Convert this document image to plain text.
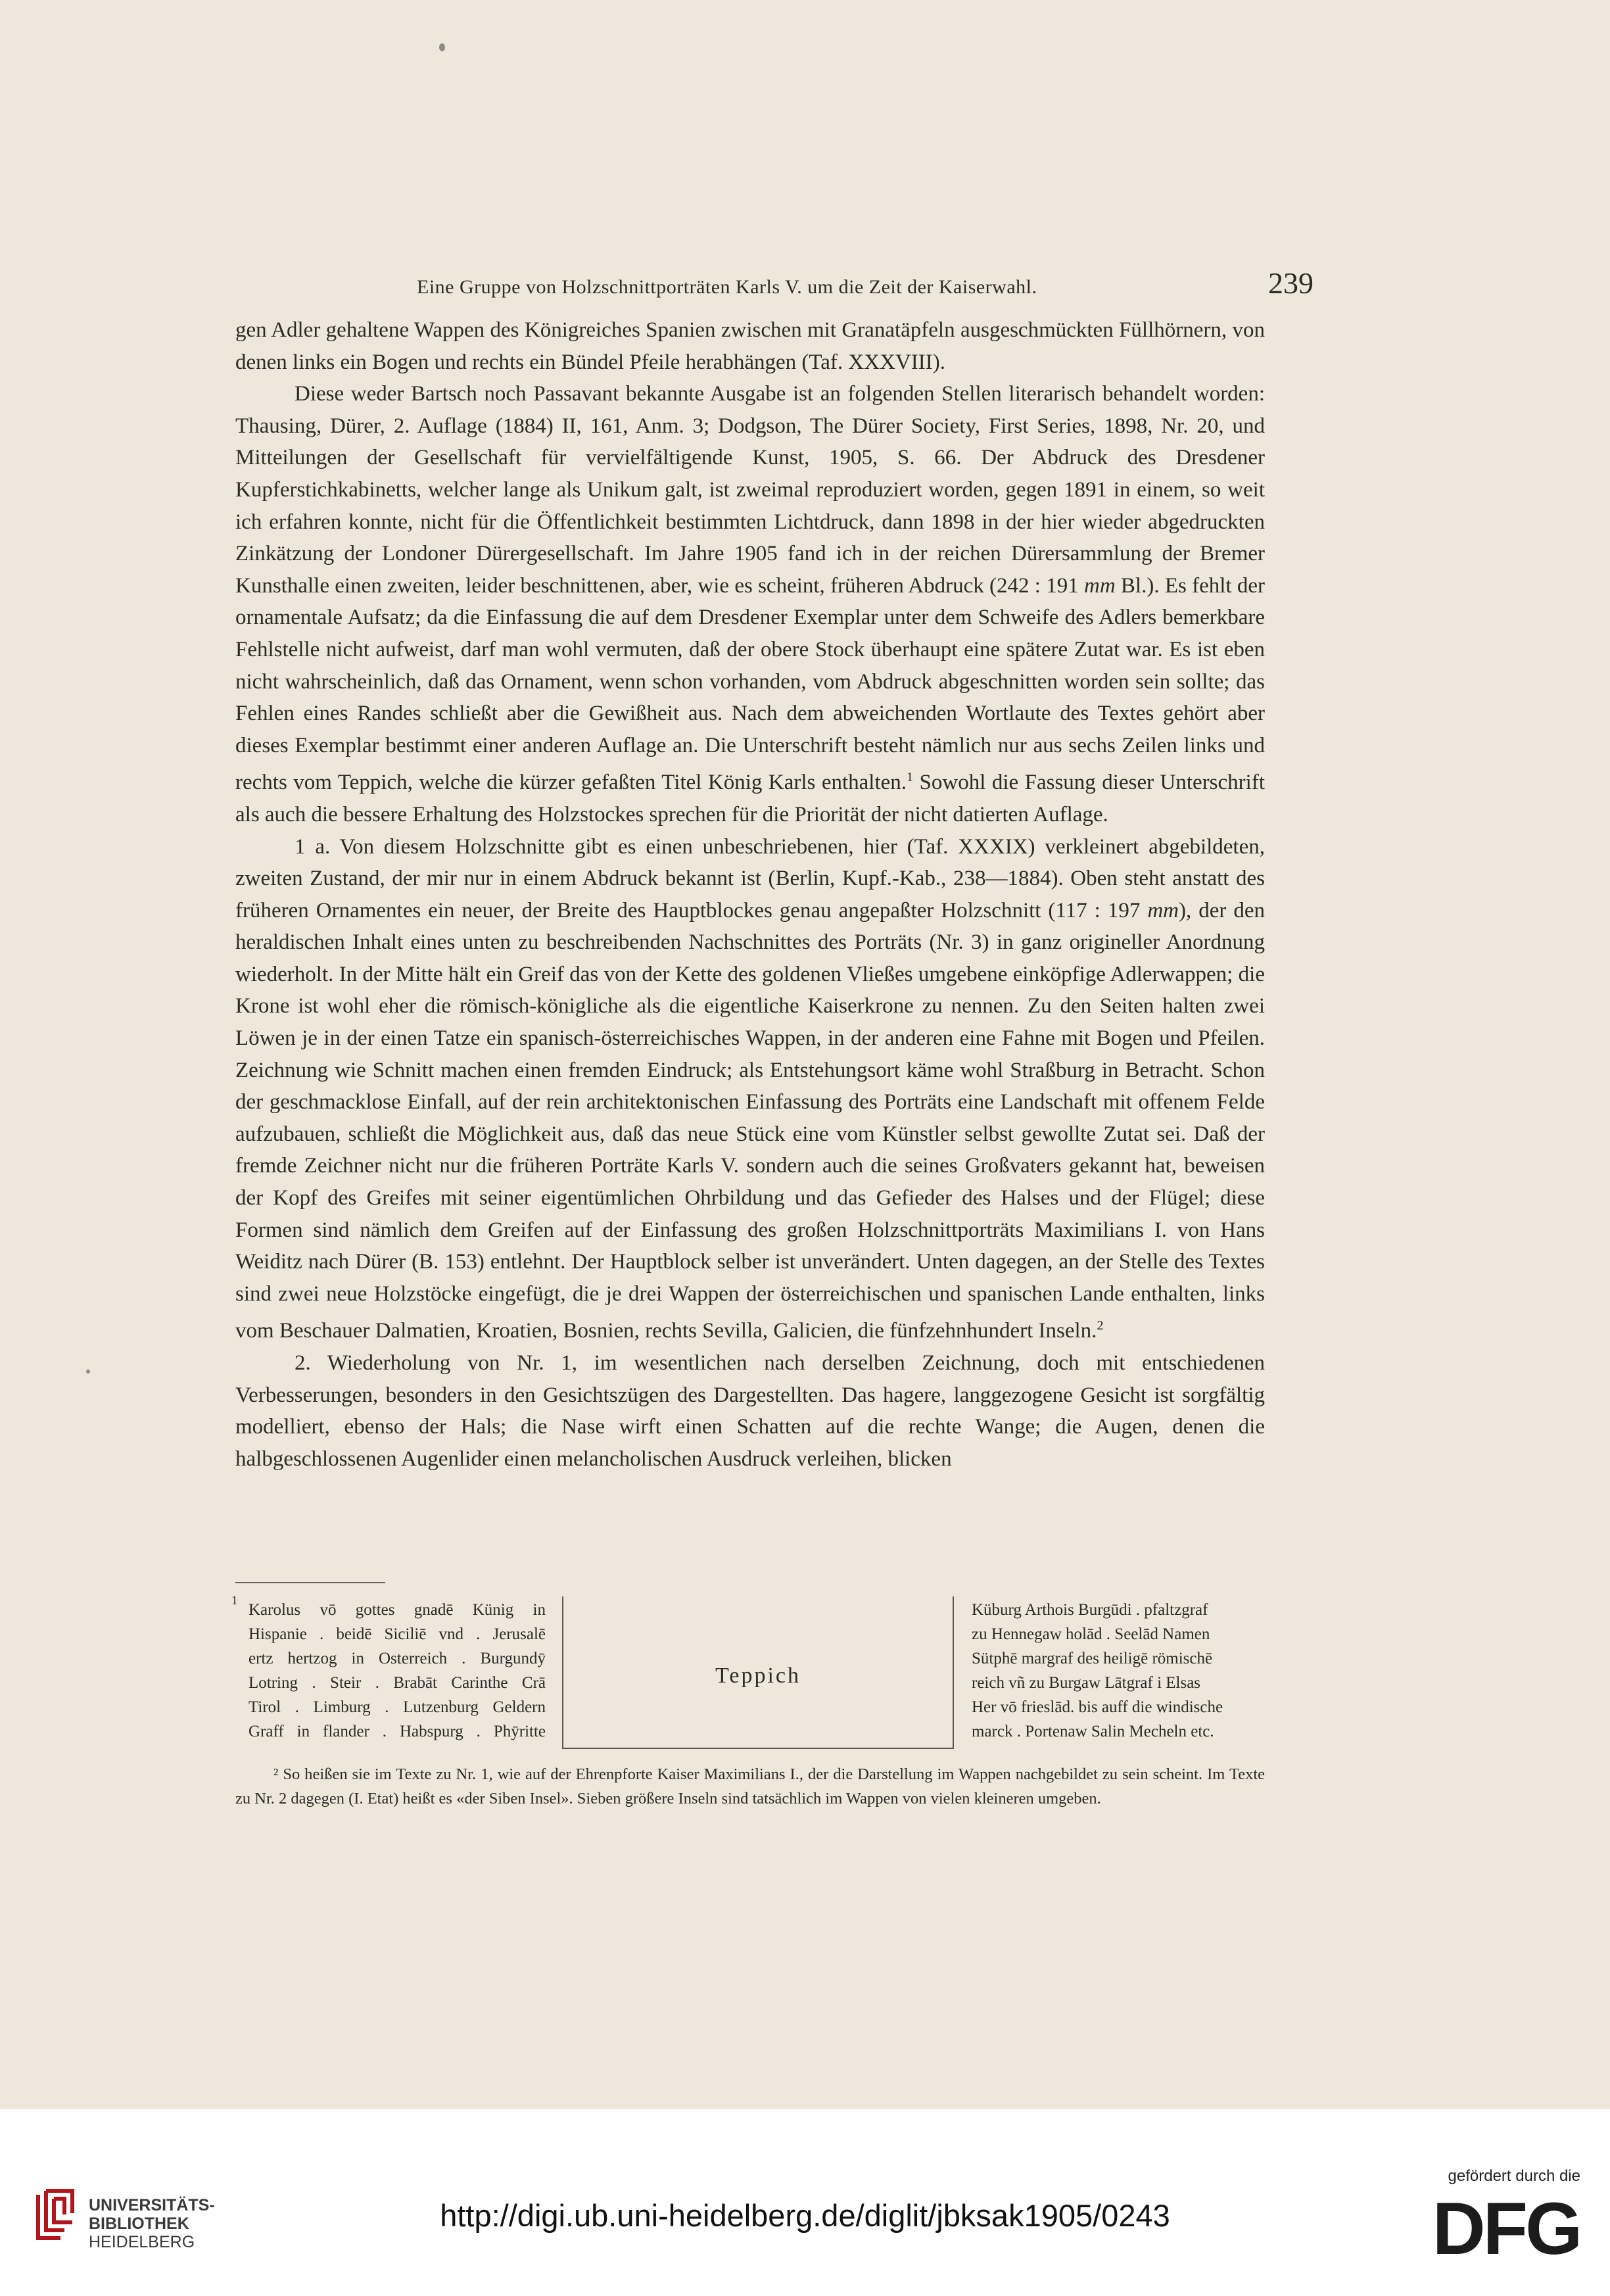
Eine Gruppe von Holzschnittporträten Karls V. um die Zeit der Kaiserwahl.	239

gen Adler gehaltene Wappen des Königreiches Spanien zwischen mit Granatäpfeln ausgeschmückten Füllhörnern, von denen links ein Bogen und rechts ein Bündel Pfeile herabhängen (Taf. XXXVIII).

Diese weder Bartsch noch Passavant bekannte Ausgabe ist an folgenden Stellen literarisch behandelt worden: Thausing, Dürer, 2. Auflage (1884) II, 161, Anm. 3; Dodgson, The Dürer Society, First Series, 1898, Nr. 20, und Mitteilungen der Gesellschaft für vervielfältigende Kunst, 1905, S. 66. Der Abdruck des Dresdener Kupferstichkabinetts, welcher lange als Unikum galt, ist zweimal reproduziert worden, gegen 1891 in einem, so weit ich erfahren konnte, nicht für die Öffentlichkeit bestimmten Lichtdruck, dann 1898 in der hier wieder abgedruckten Zinkätzung der Londoner Dürergesellschaft. Im Jahre 1905 fand ich in der reichen Dürersammlung der Bremer Kunsthalle einen zweiten, leider beschnittenen, aber, wie es scheint, früheren Abdruck (242 : 191 mm Bl.). Es fehlt der ornamentale Aufsatz; da die Einfassung die auf dem Dresdener Exemplar unter dem Schweife des Adlers bemerkbare Fehlstelle nicht aufweist, darf man wohl vermuten, daß der obere Stock überhaupt eine spätere Zutat war. Es ist eben nicht wahrscheinlich, daß das Ornament, wenn schon vorhanden, vom Abdruck abgeschnitten worden sein sollte; das Fehlen eines Randes schließt aber die Gewißheit aus. Nach dem abweichenden Wortlaute des Textes gehört aber dieses Exemplar bestimmt einer anderen Auflage an. Die Unterschrift besteht nämlich nur aus sechs Zeilen links und rechts vom Teppich, welche die kürzer gefaßten Titel König Karls enthalten.$^1$ Sowohl die Fassung dieser Unterschrift als auch die bessere Erhaltung des Holzstockes sprechen für die Priorität der nicht datierten Auflage.

1 a. Von diesem Holzschnitte gibt es einen unbeschriebenen, hier (Taf. XXXIX) verkleinert abgebildeten, zweiten Zustand, der mir nur in einem Abdruck bekannt ist (Berlin, Kupf.-Kab., 238—1884). Oben steht anstatt des früheren Ornamentes ein neuer, der Breite des Hauptblockes genau angepaßter Holzschnitt (117 : 197 mm), der den heraldischen Inhalt eines unten zu beschreibenden Nachschnittes des Porträts (Nr. 3) in ganz origineller Anordnung wiederholt. In der Mitte hält ein Greif das von der Kette des goldenen Vließes umgebene einköpfige Adlerwappen; die Krone ist wohl eher die römisch-königliche als die eigentliche Kaiserkrone zu nennen. Zu den Seiten halten zwei Löwen je in der einen Tatze ein spanisch-österreichisches Wappen, in der anderen eine Fahne mit Bogen und Pfeilen. Zeichnung wie Schnitt machen einen fremden Eindruck; als Entstehungsort käme wohl Straßburg in Betracht. Schon der geschmacklose Einfall, auf der rein architektonischen Einfassung des Porträts eine Landschaft mit offenem Felde aufzubauen, schließt die Möglichkeit aus, daß das neue Stück eine vom Künstler selbst gewollte Zutat sei. Daß der fremde Zeichner nicht nur die früheren Porträte Karls V. sondern auch die seines Großvaters gekannt hat, beweisen der Kopf des Greifes mit seiner eigentümlichen Ohrbildung und das Gefieder des Halses und der Flügel; diese Formen sind nämlich dem Greifen auf der Einfassung des großen Holzschnittporträts Maximilians I. von Hans Weiditz nach Dürer (B. 153) entlehnt. Der Hauptblock selber ist unverändert. Unten dagegen, an der Stelle des Textes sind zwei neue Holzstöcke eingefügt, die je drei Wappen der österreichischen und spanischen Lande enthalten, links vom Beschauer Dalmatien, Kroatien, Bosnien, rechts Sevilla, Galicien, die fünfzehnhundert Inseln.$^2$

2. Wiederholung von Nr. 1, im wesentlichen nach derselben Zeichnung, doch mit entschiedenen Verbesserungen, besonders in den Gesichtszügen des Dargestellten. Das hagere, langgezogene Gesicht ist sorgfältig modelliert, ebenso der Hals; die Nase wirft einen Schatten auf die rechte Wange; die Augen, denen die halbgeschlossenen Augenlider einen melancholischen Ausdruck verleihen, blicken

1
Karolus vō gottes gnadē Künig in
Hispanie . beidē Siciliē vnd . Jerusalē
ertz hertzog in Osterreich . Burgundȳ
Lotring . Steir . Brabāt Carinthe Crā
Tirol . Limburg . Lutzenburg Geldern
Graff in flander . Habspurg . Phȳritte
Teppich
Küburg Arthois Burgūdi . pfaltzgraf
zu Hennegaw holād . Seelād Namen
Sütphē margraf des heiligē römischē
reich vñ zu Burgaw Lātgraf i Elsas
Her vō frieslād. bis auff die windische
marck . Portenaw Salin Mecheln etc.

² So heißen sie im Texte zu Nr. 1, wie auf der Ehrenpforte Kaiser Maximilians I., der die Darstellung im Wappen nachgebildet zu sein scheint. Im Texte zu Nr. 2 dagegen (I. Etat) heißt es «der Siben Insel». Sieben größere Inseln sind tatsächlich im Wappen von vielen kleineren umgeben.

UNIVERSITÄTS-
BIBLIOTHEK
HEIDELBERG
http://digi.ub.uni-heidelberg.de/diglit/jbksak1905/0243
gefördert durch die
DFG
